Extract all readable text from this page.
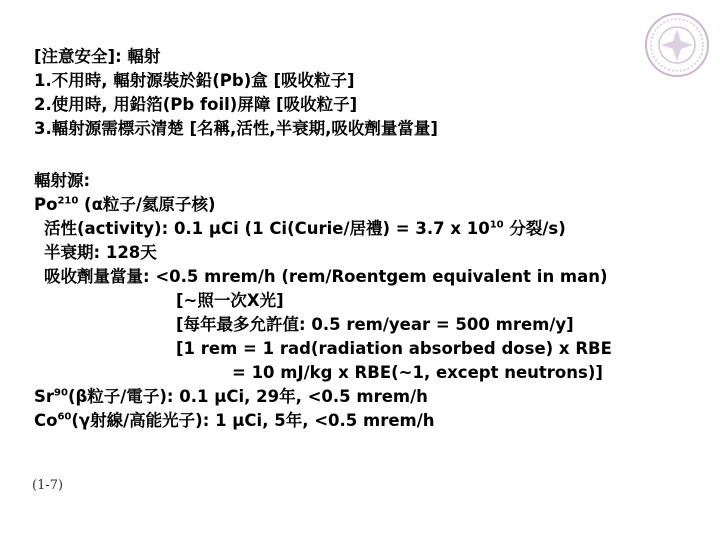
[注意安全]: 輻射
1.不用時, 輻射源裝於鉛(Pb)盒 [吸收粒子]
2.使用時, 用鉛箔(Pb foil)屏障 [吸收粒子]
3.輻射源需標示清楚 [名稱,活性,半衰期,吸收劑量當量]
輻射源:
Po$^{210}$ (α粒子/氦原子核)
活性(activity): 0.1 μCi (1 Ci(Curie/居禮) = 3.7 x $10^{10}$ 分裂/s)
半衰期: 128天
吸收劑量當量: <0.5 mrem/h (rem/Roentgem equivalent in man)
[~照一次X光]
[每年最多允許值: 0.5 rem/year = 500 mrem/y]
[1 rem = 1 rad(radiation absorbed dose) x RBE
= 10 mJ/kg x RBE(~1, except neutrons)]
Sr$^{90}$(β粒子/電子): 0.1 μCi, 29年, <0.5 mrem/h
Co$^{60}$(γ射線/高能光子): 1 μCi, 5年, <0.5 mrem/h
(1-7)
